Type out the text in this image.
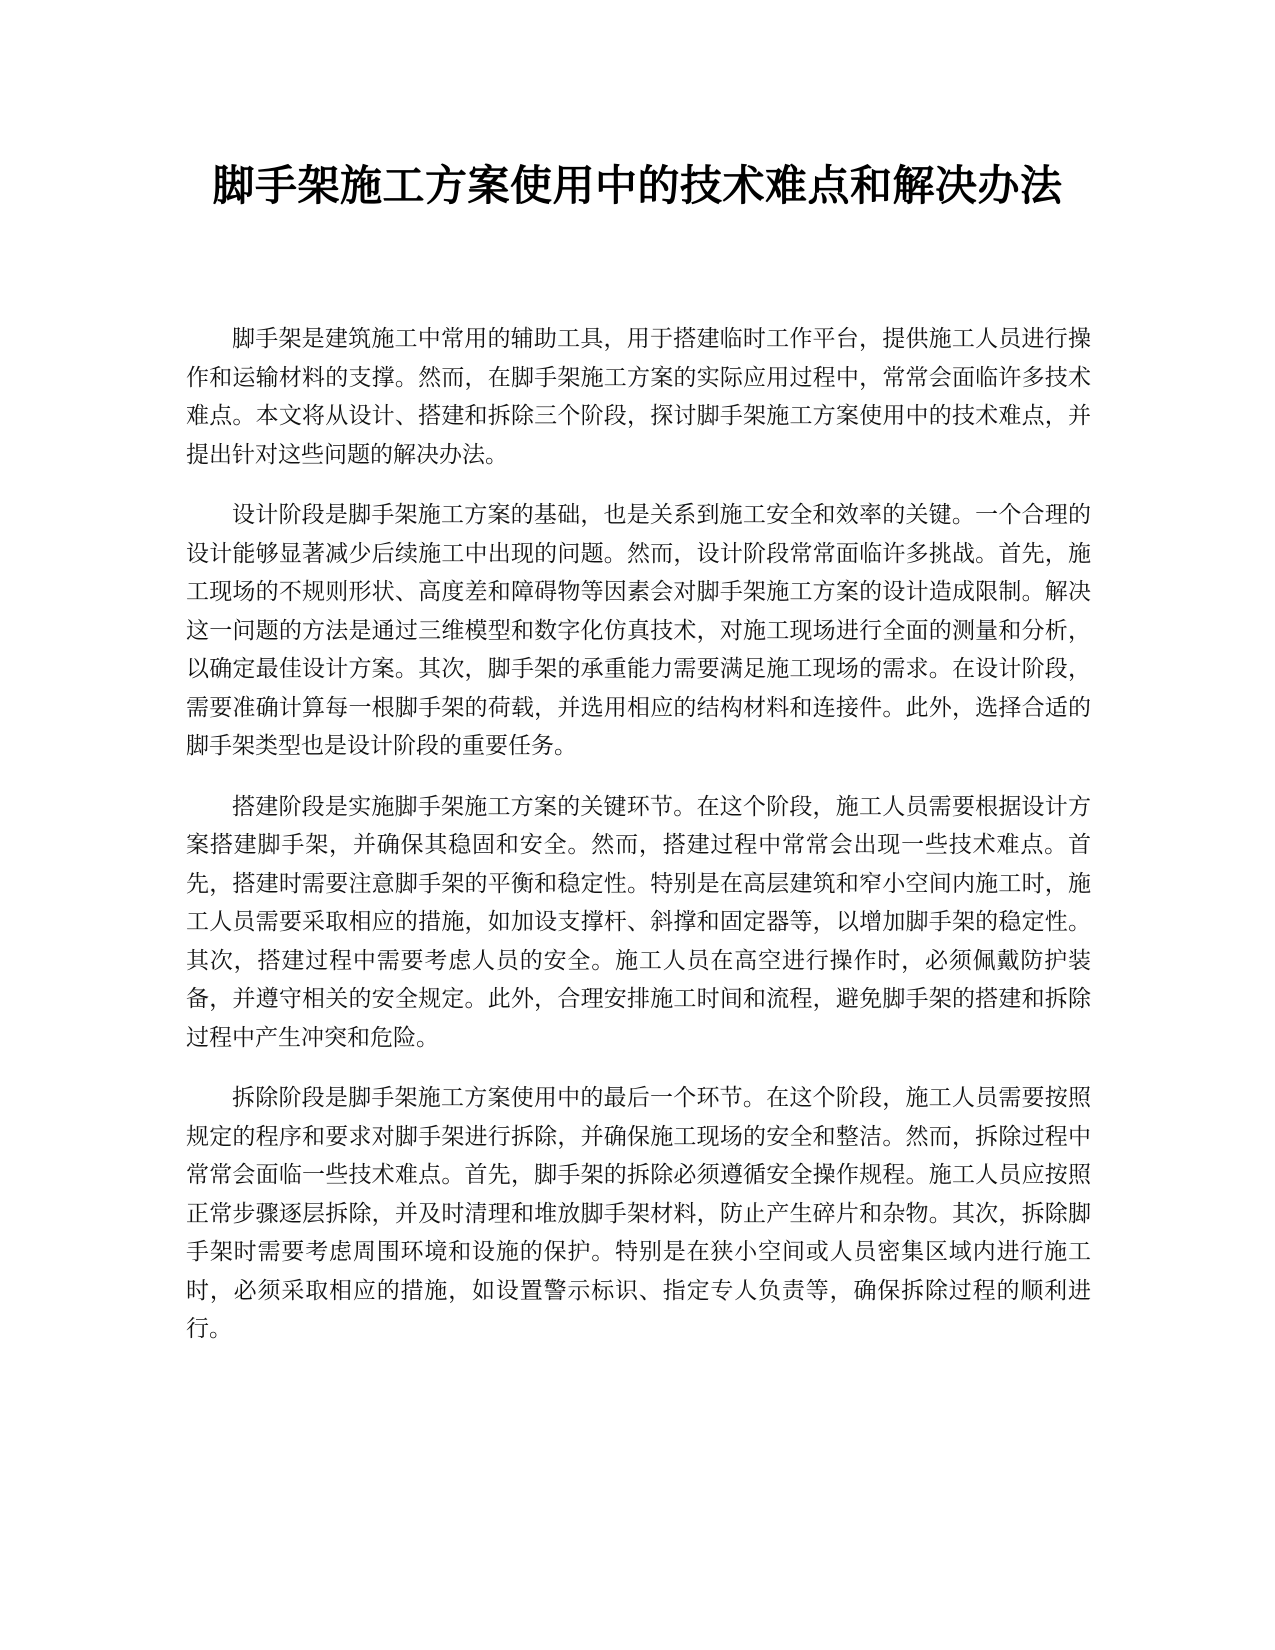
脚手架施工方案使用中的技术难点和解决办法

脚手架是建筑施工中常用的辅助工具，用于搭建临时工作平台，提供施工人员进行操作和运输材料的支撑。然而，在脚手架施工方案的实际应用过程中，常常会面临许多技术难点。本文将从设计、搭建和拆除三个阶段，探讨脚手架施工方案使用中的技术难点，并提出针对这些问题的解决办法。

设计阶段是脚手架施工方案的基础，也是关系到施工安全和效率的关键。一个合理的设计能够显著减少后续施工中出现的问题。然而，设计阶段常常面临许多挑战。首先，施工现场的不规则形状、高度差和障碍物等因素会对脚手架施工方案的设计造成限制。解决这一问题的方法是通过三维模型和数字化仿真技术，对施工现场进行全面的测量和分析，以确定最佳设计方案。其次，脚手架的承重能力需要满足施工现场的需求。在设计阶段，需要准确计算每一根脚手架的荷载，并选用相应的结构材料和连接件。此外，选择合适的脚手架类型也是设计阶段的重要任务。

搭建阶段是实施脚手架施工方案的关键环节。在这个阶段，施工人员需要根据设计方案搭建脚手架，并确保其稳固和安全。然而，搭建过程中常常会出现一些技术难点。首先，搭建时需要注意脚手架的平衡和稳定性。特别是在高层建筑和窄小空间内施工时，施工人员需要采取相应的措施，如加设支撑杆、斜撑和固定器等，以增加脚手架的稳定性。其次，搭建过程中需要考虑人员的安全。施工人员在高空进行操作时，必须佩戴防护装备，并遵守相关的安全规定。此外，合理安排施工时间和流程，避免脚手架的搭建和拆除过程中产生冲突和危险。

拆除阶段是脚手架施工方案使用中的最后一个环节。在这个阶段，施工人员需要按照规定的程序和要求对脚手架进行拆除，并确保施工现场的安全和整洁。然而，拆除过程中常常会面临一些技术难点。首先，脚手架的拆除必须遵循安全操作规程。施工人员应按照正常步骤逐层拆除，并及时清理和堆放脚手架材料，防止产生碎片和杂物。其次，拆除脚手架时需要考虑周围环境和设施的保护。特别是在狭小空间或人员密集区域内进行施工时，必须采取相应的措施，如设置警示标识、指定专人负责等，确保拆除过程的顺利进行。
